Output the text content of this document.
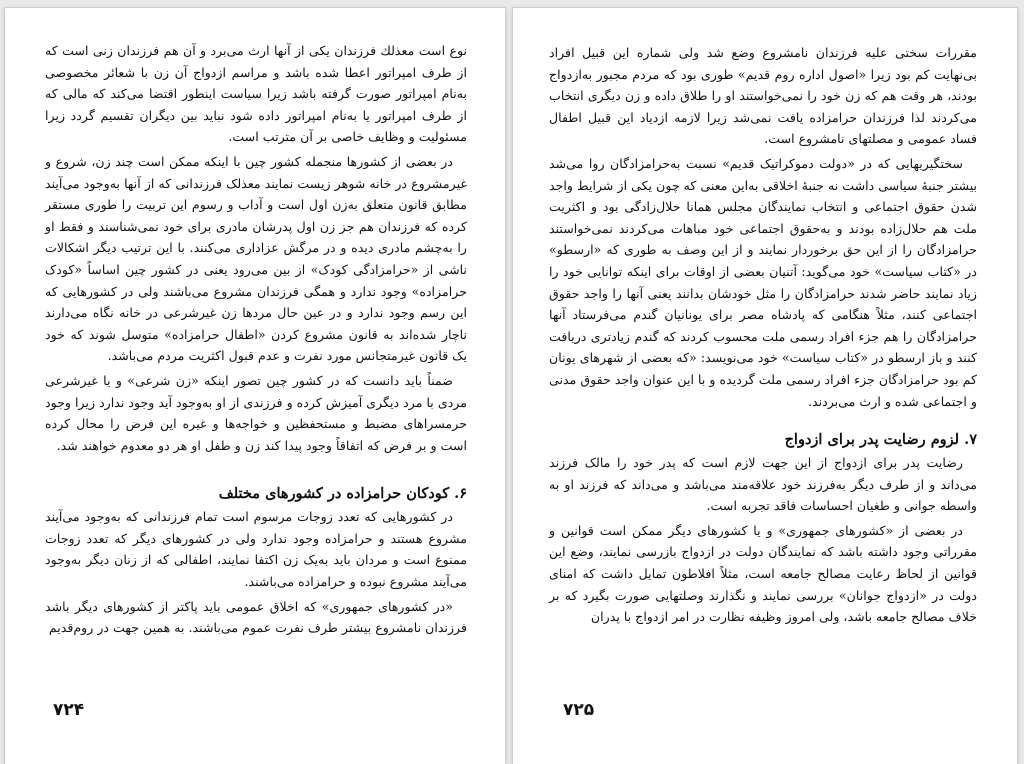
نوع است معذلك فرزندان یكی از آنها ارث می‌برد و آن هم فرزندان زنی است که از طرف امپراتور اعطا شده باشد و مراسم ازدواج آن زن با شعائر مخصوصی به‌نام امپراتور صورت گرفته باشد زیرا سیاست اینطور اقتضا می‌کند که مالی که از طرف امپراتور یا به‌نام امپراتور داده شود نباید بین دیگران تقسیم گردد زیرا مسئولیت و وظایف خاصی بر آن مترتب است.

در بعضی از کشورها منجمله کشور چین با اینکه ممکن است چند زن، شروع و غیرمشروع در خانه شوهر زیست نمایند معذلک فرزندانی که از آنها به‌وجود می‌آیند مطابق قانون متعلق به‌زن اول است و آداب و رسوم این تربیت را طوری مستقر کرده که فرزندان هم جز زن اول پدرشان مادری برای خود نمی‌شناسند و فقط او را به‌چشم مادری دیده و در مرگش عزاداری می‌کنند. با این ترتیب دیگر اشکالات ناشی از «حرامزادگی کودک» از بین می‌رود یعنی در کشور چین اساساً «کودک حرامزاده» وجود ندارد و همگی فرزندان مشروع می‌باشند ولی در کشورهایی که این رسم وجود ندارد و در عین حال مردها زن غیرشرعی در خانه نگاه می‌دارند ناچار شده‌اند به قانون مشروع کردن «اطفال حرامزاده» متوسل شوند که خود یک قانون غیرمتجانس مورد نفرت و عدم قبول اکثریت مردم می‌باشد.

ضمناً باید دانست که در کشور چین تصور اینکه «زن شرعی» و یا غیرشرعی مردی با مرد دیگری آمیزش کرده و فرزندی از او به‌وجود آید وجود ندارد زیرا وجود حرمسراهای مضبط و مستحفظین و خواجه‌ها و غیره این فرض را محال کرده است و بر فرض که اتفاقاً وجود پیدا کند زن و طفل او هر دو معدوم خواهند شد.

۶. کودکان حرامزاده در کشورهای مختلف

در کشورهایی که تعدد زوجات مرسوم است تمام فرزندانی که به‌وجود می‌آیند مشروع هستند و حرامزاده وجود ندارد ولی در کشورهای دیگر که تعدد زوجات ممنوع است و مردان باید به‌یک زن اکتفا نمایند، اطفالی که از زنان دیگر به‌وجود می‌آیند مشروع نبوده و حرامزاده می‌باشند.

«در کشورهای جمهوری» که اخلاق عمومی باید پاکتر از کشورهای دیگر باشد فرزندان نامشروع بیشتر طرف نفرت عموم می‌باشند. به همین جهت در روم‌قدیم

۷۲۴

مقررات سختی علیه فرزندان نامشروع وضع شد ولی شماره این قبیل افراد بی‌نهایت کم بود زیرا «اصول اداره روم قدیم» طوری بود که مردم مجبور به‌ازدواج بودند، هر وقت هم که زن خود را نمی‌خواستند او را طلاق داده و زن دیگری انتخاب می‌کردند لذا فرزندان حرامزاده یافت نمی‌شد زیرا لازمه ازدیاد این قبیل اطفال فساد عمومی و مصلتهای نامشروع است.

سختگیریهایی که در «دولت دموکراتیک قدیم» نسبت به‌حرامزادگان روا می‌شد بیشتر جنبهٔ سیاسی داشت نه جنبهٔ اخلاقی به‌این معنی که چون یکی از شرایط واجد شدن حقوق اجتماعی و انتخاب نمایندگان مجلس همانا حلال‌زادگی بود و اکثریت ملت هم حلال‌زاده بودند و به‌حقوق اجتماعی خود مباهات می‌کردند نمی‌خواستند حرامزادگان را از این حق برخوردار نمایند و از این وصف به طوری که «ارسطو» در «کتاب سیاست» خود می‌گوید: آتنیان بعضی از اوقات برای اینکه توانایی خود را زیاد نمایند حاضر شدند حرامزادگان را مثل خودشان بدانند یعنی آنها را واجد حقوق اجتماعی کنند، مثلاً هنگامی که پادشاه مصر برای یونانیان گندم می‌فرستاد آنها حرامزادگان را هم جزء افراد رسمی ملت محسوب کردند که گندم زیادتری دریافت کنند و باز ارسطو در «کتاب سیاست» خود می‌نویسد: «که بعضی از شهرهای یونان کم بود حرامزادگان جزء افراد رسمی ملت گردیده و با این عنوان واجد حقوق مدنی و اجتماعی شده و ارث می‌بردند.

۷. لزوم رضایت پدر برای ازدواج

رضایت پدر برای ازدواج از این جهت لازم است که پدر خود را مالک فرزند می‌داند و از طرف دیگر به‌فرزند خود علاقه‌مند می‌باشد و می‌داند که فرزند او به واسطه جوانی و طغیان احساسات فاقد تجربه است.

در بعضی از «کشورهای جمهوری» و یا کشورهای دیگر ممکن است قوانین و مقرراتی وجود داشته باشد که نمایندگان دولت در ازدواج بازرسی نمایند، وضع این قوانین از لحاظ رعایت مصالح جامعه است، مثلاً افلاطون تمایل داشت که امنای دولت در «ازدواج جوانان» بررسی نمایند و نگذارند وصلتهایی صورت بگیرد که بر خلاف مصالح جامعه باشد، ولی امروز وظیفه نظارت در امر ازدواج با پدران

۷۲۵
